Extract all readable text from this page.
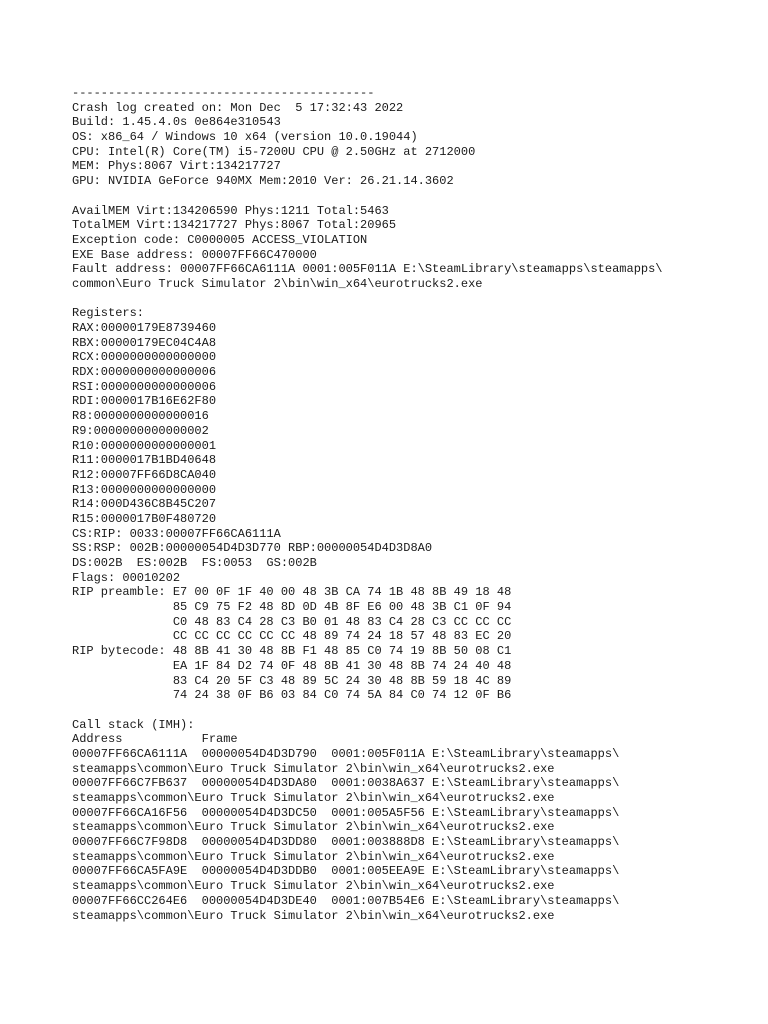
------------------------------------------
Crash log created on: Mon Dec  5 17:32:43 2022
Build: 1.45.4.0s 0e864e310543
OS: x86_64 / Windows 10 x64 (version 10.0.19044)
CPU: Intel(R) Core(TM) i5-7200U CPU @ 2.50GHz at 2712000
MEM: Phys:8067 Virt:134217727
GPU: NVIDIA GeForce 940MX Mem:2010 Ver: 26.21.14.3602
AvailMEM Virt:134206590 Phys:1211 Total:5463
TotalMEM Virt:134217727 Phys:8067 Total:20965
Exception code: C0000005 ACCESS_VIOLATION
EXE Base address: 00007FF66C470000
Fault address: 00007FF66CA6111A 0001:005F011A E:\SteamLibrary\steamapps\steamapps\
common\Euro Truck Simulator 2\bin\win_x64\eurotrucks2.exe
Registers:
RAX:00000179E8739460
RBX:00000179EC04C4A8
RCX:0000000000000000
RDX:0000000000000006
RSI:0000000000000006
RDI:0000017B16E62F80
R8:0000000000000016
R9:0000000000000002
R10:0000000000000001
R11:0000017B1BD40648
R12:00007FF66D8CA040
R13:0000000000000000
R14:000D436C8B45C207
R15:0000017B0F480720
CS:RIP: 0033:00007FF66CA6111A
SS:RSP: 002B:00000054D4D3D770 RBP:00000054D4D3D8A0
DS:002B  ES:002B  FS:0053  GS:002B
Flags: 00010202
RIP preamble: E7 00 0F 1F 40 00 48 3B CA 74 1B 48 8B 49 18 48
85 C9 75 F2 48 8D 0D 4B 8F E6 00 48 3B C1 0F 94
C0 48 83 C4 28 C3 B0 01 48 83 C4 28 C3 CC CC CC
CC CC CC CC CC CC 48 89 74 24 18 57 48 83 EC 20
RIP bytecode: 48 8B 41 30 48 8B F1 48 85 C0 74 19 8B 50 08 C1
EA 1F 84 D2 74 0F 48 8B 41 30 48 8B 74 24 40 48
83 C4 20 5F C3 48 89 5C 24 30 48 8B 59 18 4C 89
74 24 38 0F B6 03 84 C0 74 5A 84 C0 74 12 0F B6
Call stack (IMH):
Address           Frame
00007FF66CA6111A  00000054D4D3D790  0001:005F011A E:\SteamLibrary\steamapps\
steamapps\common\Euro Truck Simulator 2\bin\win_x64\eurotrucks2.exe
00007FF66C7FB637  00000054D4D3DA80  0001:0038A637 E:\SteamLibrary\steamapps\
steamapps\common\Euro Truck Simulator 2\bin\win_x64\eurotrucks2.exe
00007FF66CA16F56  00000054D4D3DC50  0001:005A5F56 E:\SteamLibrary\steamapps\
steamapps\common\Euro Truck Simulator 2\bin\win_x64\eurotrucks2.exe
00007FF66C7F98D8  00000054D4D3DD80  0001:003888D8 E:\SteamLibrary\steamapps\
steamapps\common\Euro Truck Simulator 2\bin\win_x64\eurotrucks2.exe
00007FF66CA5FA9E  00000054D4D3DDB0  0001:005EEA9E E:\SteamLibrary\steamapps\
steamapps\common\Euro Truck Simulator 2\bin\win_x64\eurotrucks2.exe
00007FF66CC264E6  00000054D4D3DE40  0001:007B54E6 E:\SteamLibrary\steamapps\
steamapps\common\Euro Truck Simulator 2\bin\win_x64\eurotrucks2.exe
